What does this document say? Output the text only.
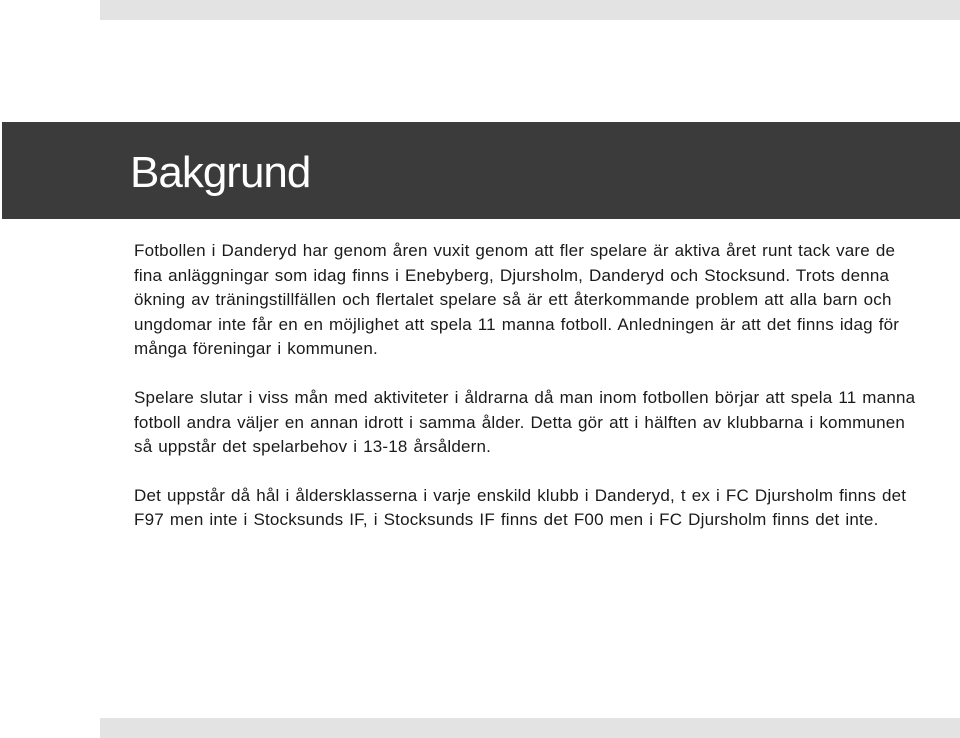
Bakgrund

Fotbollen i Danderyd har genom åren vuxit genom att fler spelare är aktiva året runt tack vare de fina anläggningar som idag finns i Enebyberg, Djursholm, Danderyd och Stocksund. Trots denna ökning av träningstillfällen och flertalet spelare så är ett återkommande problem att alla barn och ungdomar inte får en en möjlighet att spela 11 manna fotboll. Anledningen är att det finns idag för många föreningar i kommunen.

Spelare slutar i viss mån med aktiviteter i åldrarna då man inom fotbollen börjar att spela 11 manna fotboll andra väljer en annan idrott i samma ålder. Detta gör att i hälften av klubbarna i kommunen så uppstår det spelarbehov i 13-18 årsåldern.

Det uppstår då hål i åldersklasserna i varje enskild klubb i Danderyd, t ex i FC Djursholm finns det F97 men inte i Stocksunds IF, i Stocksunds IF finns det F00 men i FC Djursholm finns det inte.
